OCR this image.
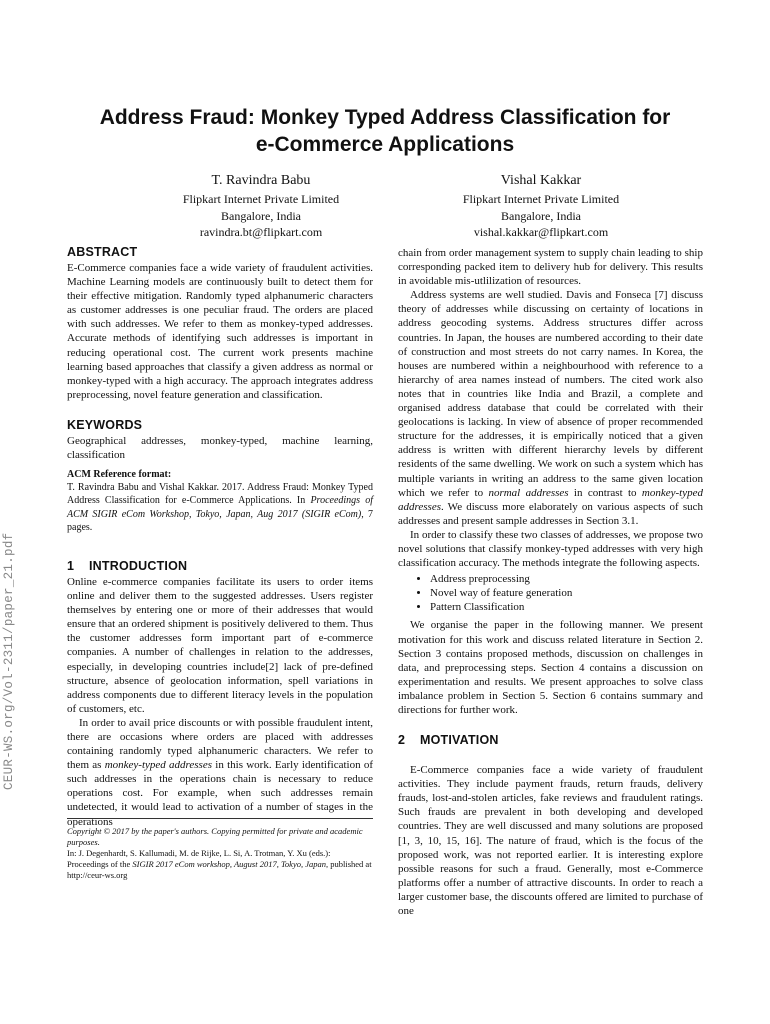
CEUR-WS.org/Vol-2311/paper_21.pdf
Address Fraud: Monkey Typed Address Classification for
e-Commerce Applications
T. Ravindra Babu
Flipkart Internet Private Limited
Bangalore, India
ravindra.bt@flipkart.com
Vishal Kakkar
Flipkart Internet Private Limited
Bangalore, India
vishal.kakkar@flipkart.com
ABSTRACT

E-Commerce companies face a wide variety of fraudulent activities. Machine Learning models are continuously built to detect them for their effective mitigation. Randomly typed alphanumeric characters as customer addresses is one peculiar fraud. The orders are placed with such addresses. We refer to them as monkey-typed addresses. Accurate methods of identifying such addresses is important in reducing operational cost. The current work presents machine learning based approaches that classify a given address as normal or monkey-typed with a high accuracy. The approach integrates address preprocessing, novel feature generation and classification.

KEYWORDS

Geographical addresses, monkey-typed, machine learning, classification

ACM Reference format:

T. Ravindra Babu and Vishal Kakkar. 2017. Address Fraud: Monkey Typed Address Classification for e-Commerce Applications. In Proceedings of ACM SIGIR eCom Workshop, Tokyo, Japan, Aug 2017 (SIGIR eCom), 7 pages.

1 INTRODUCTION

Online e-commerce companies facilitate its users to order items online and deliver them to the suggested addresses. Users register themselves by entering one or more of their addresses that would ensure that an ordered shipment is positively delivered to them. Thus the customer addresses form important part of e-commerce companies. A number of challenges in relation to the addresses, especially, in developing countries include[2] lack of pre-defined structure, absence of geolocation information, spell variations in address components due to different literacy levels in the population of customers, etc.

In order to avail price discounts or with possible fraudulent intent, there are occasions where orders are placed with addresses containing randomly typed alphanumeric characters. We refer to them as monkey-typed addresses in this work. Early identification of such addresses in the operations chain is necessary to reduce operations cost. For example, when such addresses remain undetected, it would lead to activation of a number of stages in the operations

Copyright © 2017 by the paper's authors. Copying permitted for private and academic purposes.
In: J. Degenhardt, S. Kallumadi, M. de Rijke, L. Si, A. Trotman, Y. Xu (eds.):
Proceedings of the SIGIR 2017 eCom workshop, August 2017, Tokyo, Japan, published at http://ceur-ws.org

chain from order management system to supply chain leading to ship corresponding packed item to delivery hub for delivery. This results in avoidable mis-utlilization of resources.

Address systems are well studied. Davis and Fonseca [7] discuss theory of addresses while discussing on certainty of locations in address geocoding systems. Address structures differ across countries. In Japan, the houses are numbered according to their date of construction and most streets do not carry names. In Korea, the houses are numbered within a neighbourhood with reference to a hierarchy of area names instead of numbers. The cited work also notes that in countries like India and Brazil, a complete and organised address database that could be correlated with their geolocations is lacking. In view of absence of proper recommended structure for the addresses, it is empirically noticed that a given address is written with different hierarchy levels by different residents of the same dwelling. We work on such a system which has multiple variants in writing an address to the same given location which we refer to normal addresses in contrast to monkey-typed addresses. We discuss more elaborately on various aspects of such addresses and present sample addresses in Section 3.1.

In order to classify these two classes of addresses, we propose two novel solutions that classify monkey-typed addresses with very high classification accuracy. The methods integrate the following aspects.

• Address preprocessing
• Novel way of feature generation
• Pattern Classification

We organise the paper in the following manner. We present motivation for this work and discuss related literature in Section 2. Section 3 contains proposed methods, discussion on challenges in data, and preprocessing steps. Section 4 contains a discussion on experimentation and results. We present approaches to solve class imbalance problem in Section 5. Section 6 contains summary and directions for further work.

2 MOTIVATION

E-Commerce companies face a wide variety of fraudulent activities. They include payment frauds, return frauds, delivery frauds, lost-and-stolen articles, fake reviews and fraudulent ratings. Such frauds are prevalent in both developing and developed countries. They are well discussed and many solutions are proposed [1, 3, 10, 15, 16]. The nature of fraud, which is the focus of the proposed work, was not reported earlier. It is interesting explore possible reasons for such a fraud. Generally, most e-Commerce platforms offer a number of attractive discounts. In order to reach a larger customer base, the discounts offered are limited to purchase of one
